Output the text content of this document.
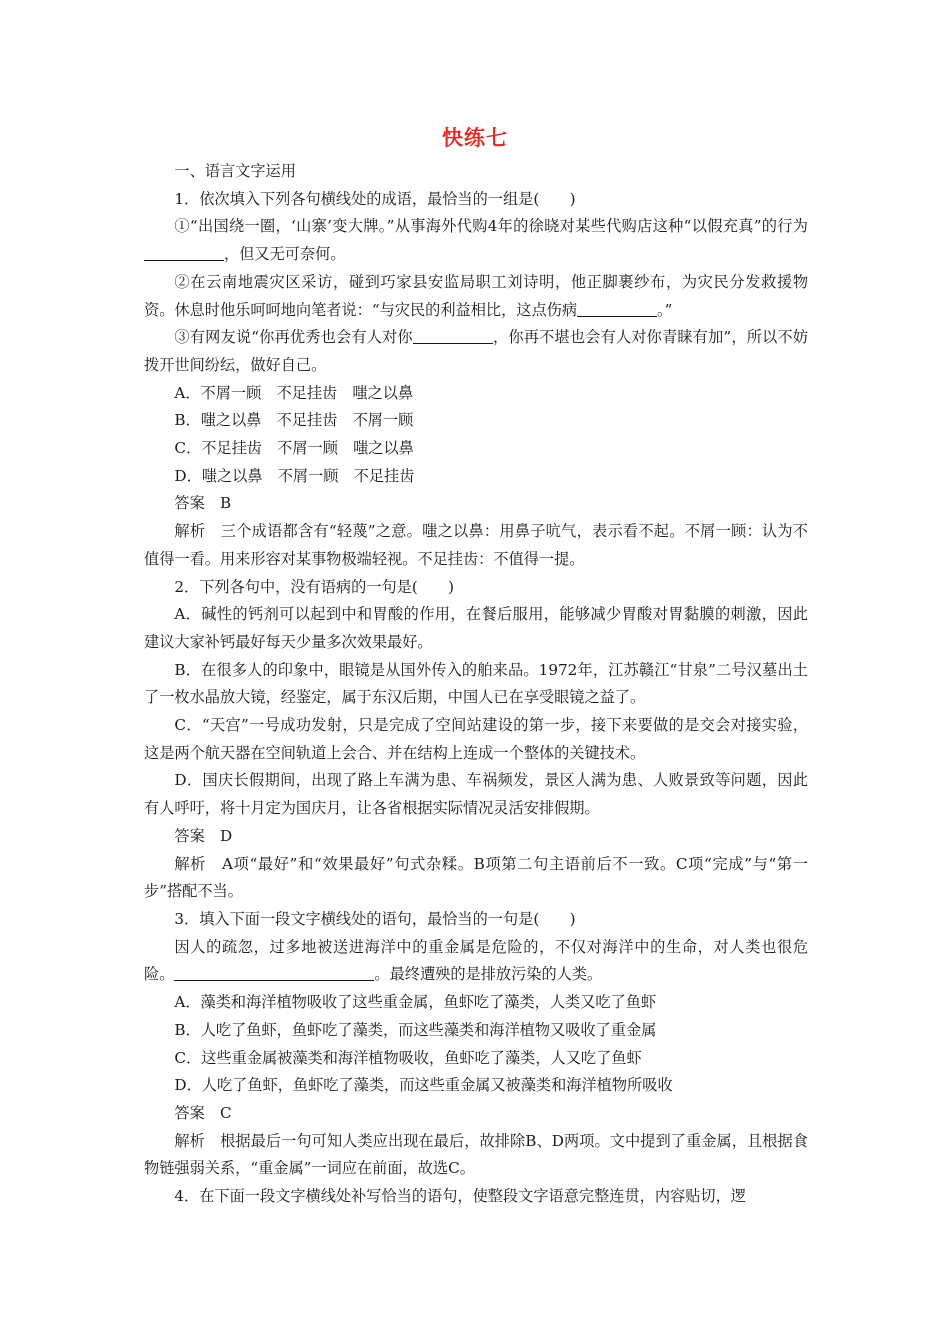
快练七

一、语言文字运用

1．依次填入下列各句横线处的成语，最恰当的一组是(　　)

①“出国绕一圈，‘山寨’变大牌。”从事海外代购4年的徐晓对某些代购店这种“以假充真”的行为，但又无可奈何。

②在云南地震灾区采访，碰到巧家县安监局职工刘诗明，他正脚裹纱布，为灾民分发救援物资。休息时他乐呵呵地向笔者说：“与灾民的利益相比，这点伤病	。”

③有网友说“你再优秀也会有人对你	，你再不堪也会有人对你青睐有加”，所以不妨拨开世间纷纭，做好自己。

A．不屑一顾　不足挂齿　嗤之以鼻

B．嗤之以鼻　不足挂齿　不屑一顾

C．不足挂齿　不屑一顾　嗤之以鼻

D．嗤之以鼻　不屑一顾　不足挂齿

答案　B

解析　三个成语都含有“轻蔑”之意。嗤之以鼻：用鼻子吭气，表示看不起。不屑一顾：认为不值得一看。用来形容对某事物极端轻视。不足挂齿：不值得一提。

2．下列各句中，没有语病的一句是(　　)

A．碱性的钙剂可以起到中和胃酸的作用，在餐后服用，能够减少胃酸对胃黏膜的刺激，因此建议大家补钙最好每天少量多次效果最好。

B．在很多人的印象中，眼镜是从国外传入的舶来品。1972年，江苏赣江“甘泉”二号汉墓出土了一枚水晶放大镜，经鉴定，属于东汉后期，中国人已在享受眼镜之益了。

C．“天宫”一号成功发射，只是完成了空间站建设的第一步，接下来要做的是交会对接实验，这是两个航天器在空间轨道上会合、并在结构上连成一个整体的关键技术。

D．国庆长假期间，出现了路上车满为患、车祸频发，景区人满为患、人败景致等问题，因此有人呼吁，将十月定为国庆月，让各省根据实际情况灵活安排假期。

答案　D

解析　A项“最好”和“效果最好”句式杂糅。B项第二句主语前后不一致。C项“完成”与“第一步”搭配不当。

3．填入下面一段文字横线处的语句，最恰当的一句是(　　)

因人的疏忽，过多地被送进海洋中的重金属是危险的，不仅对海洋中的生命，对人类也很危险。	。最终遭殃的是排放污染的人类。

A．藻类和海洋植物吸收了这些重金属，鱼虾吃了藻类，人类又吃了鱼虾

B．人吃了鱼虾，鱼虾吃了藻类，而这些藻类和海洋植物又吸收了重金属

C．这些重金属被藻类和海洋植物吸收，鱼虾吃了藻类，人又吃了鱼虾

D．人吃了鱼虾，鱼虾吃了藻类，而这些重金属又被藻类和海洋植物所吸收

答案　C

解析　根据最后一句可知人类应出现在最后，故排除B、D两项。文中提到了重金属，且根据食物链强弱关系，“重金属”一词应在前面，故选C。

4．在下面一段文字横线处补写恰当的语句，使整段文字语意完整连贯，内容贴切，逻
